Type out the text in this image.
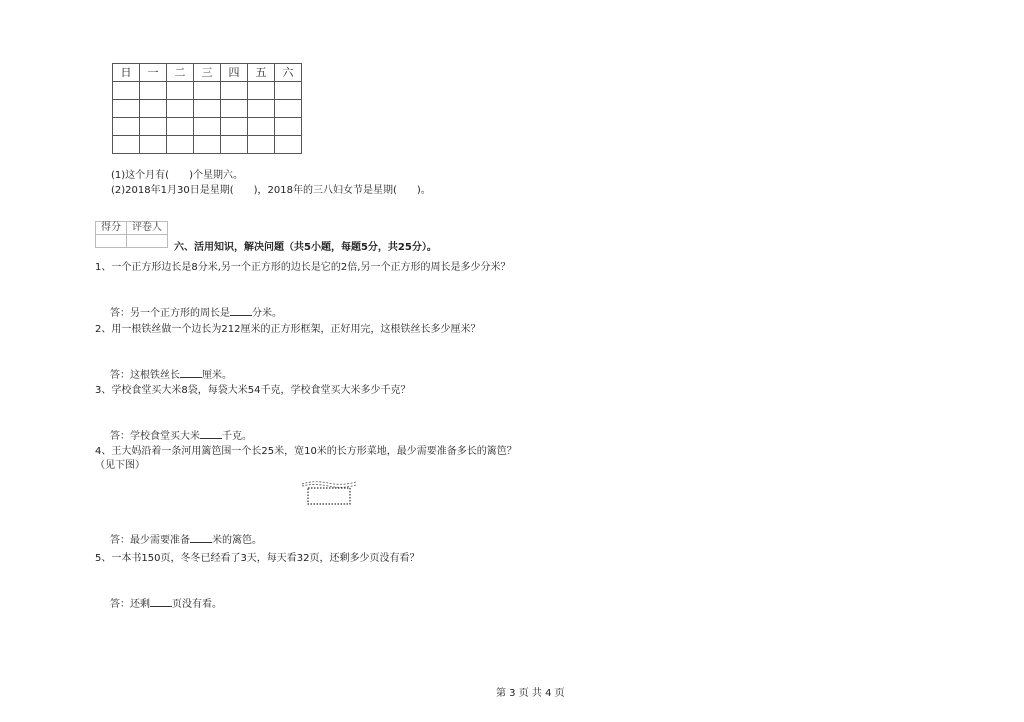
日	一	二	三	四	五	六

(1)这个月有(　　)个星期六。
(2)2018年1月30日是星期(　　)，2018年的三八妇女节是星期(　　)。
得分	评卷人

六、活用知识，解决问题（共5小题，每题5分，共25分）。
1、一个正方形边长是8分米,另一个正方形的边长是它的2倍,另一个正方形的周长是多少分米？
答：另一个正方形的周长是 分米。
2、用一根铁丝做一个边长为212厘米的正方形框架，正好用完，这根铁丝长多少厘米？
答：这根铁丝长 厘米。
3、学校食堂买大米8袋，每袋大米54千克，学校食堂买大米多少千克？
答：学校食堂买大米 千克。
4、王大妈沿着一条河用篱笆围一个长25米，宽10米的长方形菜地，最少需要准备多长的篱笆？
（见下图）
答：最少需要准备 米的篱笆。
5、一本书150页，冬冬已经看了3天，每天看32页，还剩多少页没有看？
答：还剩 页没有看。
第 3 页 共 4 页
